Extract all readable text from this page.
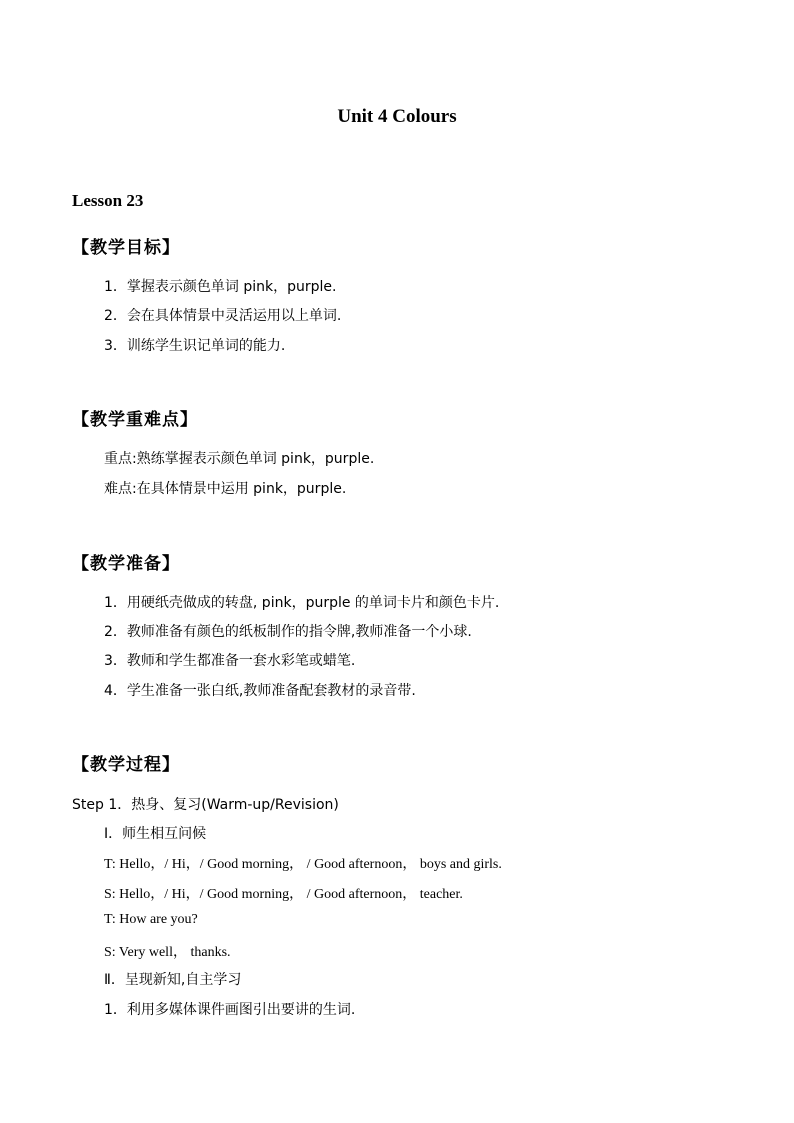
Unit 4 Colours
Lesson 23
【教学目标】
1．掌握表示颜色单词 pink，purple.
2．会在具体情景中灵活运用以上单词.
3．训练学生识记单词的能力.
【教学重难点】
重点:熟练掌握表示颜色单词 pink，purple.
难点:在具体情景中运用 pink，purple.
【教学准备】
1．用硬纸壳做成的转盘, pink，purple 的单词卡片和颜色卡片.
2．教师准备有颜色的纸板制作的指令牌,教师准备一个小球.
3．教师和学生都准备一套水彩笔或蜡笔.
4．学生准备一张白纸,教师准备配套教材的录音带.
【教学过程】
Step 1．热身、复习(Warm-up/Revision)
Ⅰ．师生相互问候
T: Hello，/ Hi，/ Good morning， / Good afternoon， boys and girls.
S: Hello，/ Hi，/ Good morning， / Good afternoon， teacher.
T: How are you?
S: Very well， thanks.
Ⅱ．呈现新知,自主学习
1．利用多媒体课件画图引出要讲的生词.
